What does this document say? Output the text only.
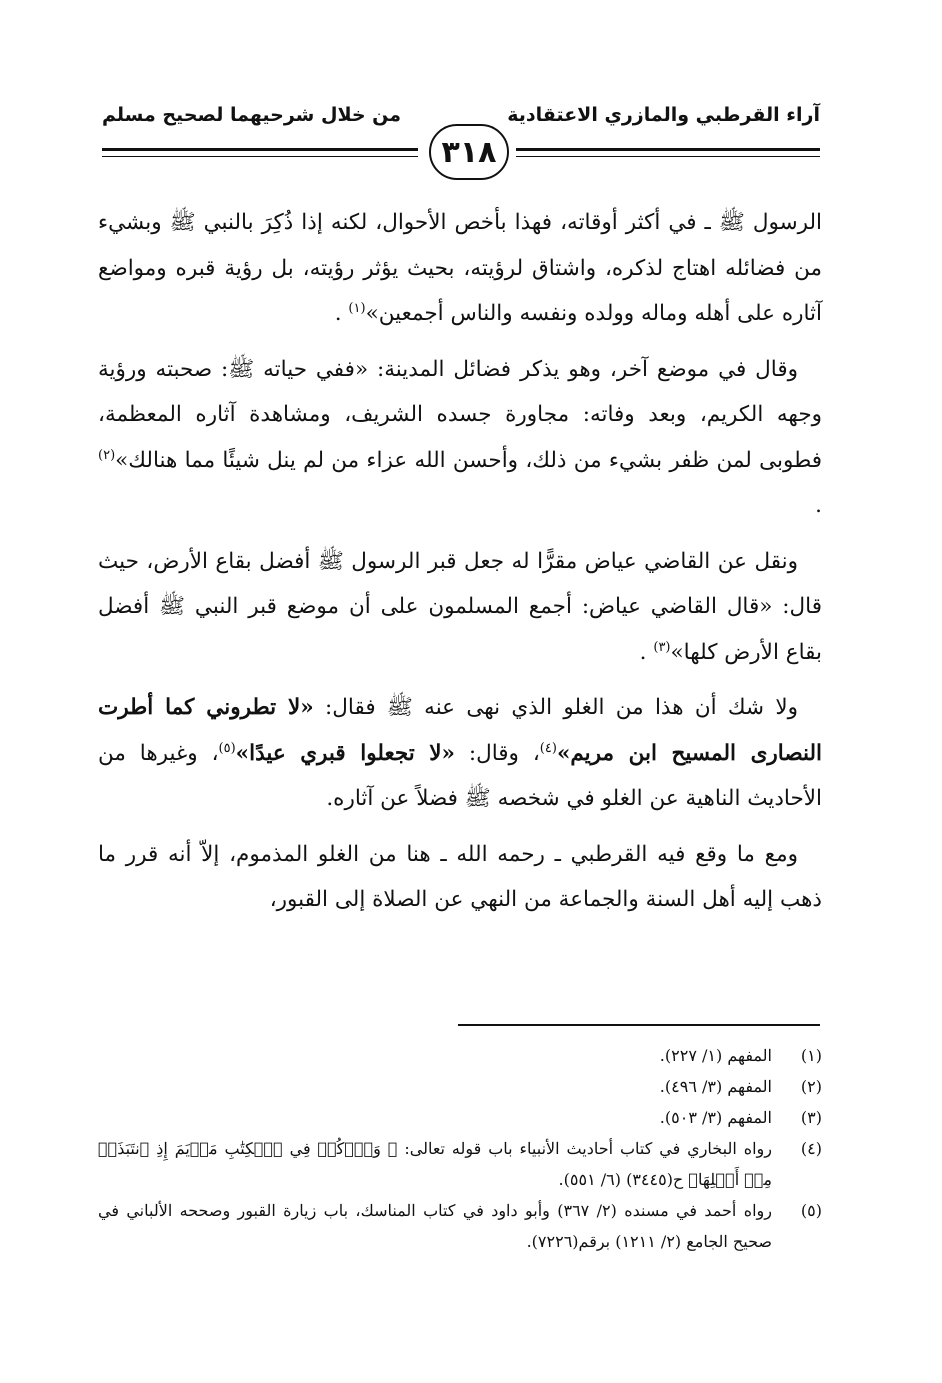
آراء القرطبي والمازري الاعتقادية
من خلال شرحيهما لصحيح مسلم
٣١٨

الرسول ﷺ ـ في أكثر أوقاته، فهذا بأخص الأحوال، لكنه إذا ذُكِرَ بالنبي ﷺ وبشيء من فضائله اهتاج لذكره، واشتاق لرؤيته، بحيث يؤثر رؤيته، بل رؤية قبره ومواضع آثاره على أهله وماله وولده ونفسه والناس أجمعين»$^{(١)}$ .

وقال في موضع آخر، وهو يذكر فضائل المدينة: «ففي حياته ﷺ: صحبته ورؤية وجهه الكريم، وبعد وفاته: مجاورة جسده الشريف، ومشاهدة آثاره المعظمة، فطوبى لمن ظفر بشيء من ذلك، وأحسن الله عزاء من لم ينل شيئًا مما هنالك»$^{(٢)}$ .

ونقل عن القاضي عياض مقرًّا له جعل قبر الرسول ﷺ أفضل بقاع الأرض، حيث قال: «قال القاضي عياض: أجمع المسلمون على أن موضع قبر النبي ﷺ أفضل بقاع الأرض كلها»$^{(٣)}$ .

ولا شك أن هذا من الغلو الذي نهى عنه ﷺ فقال: «لا تطروني كما أطرت النصارى المسيح ابن مريم»$^{(٤)}$، وقال: «لا تجعلوا قبري عيدًا»$^{(٥)}$، وغيرها من الأحاديث الناهية عن الغلو في شخصه ﷺ فضلاً عن آثاره.

ومع ما وقع فيه القرطبي ـ رحمه الله ـ هنا من الغلو المذموم، إلاّ أنه قرر ما ذهب إليه أهل السنة والجماعة من النهي عن الصلاة إلى القبور،

(١)
المفهم (١/ ٢٢٧).
(٢)
المفهم (٣/ ٤٩٦).
(٣)
المفهم (٣/ ٥٠٣).
(٤)
رواه البخاري في كتاب أحاديث الأنبياء باب قوله تعالى: ﴿ وَٱذۡكُرۡ فِي ٱلۡكِتَٰبِ مَرۡيَمَ إِذِ ٱنتَبَذَتۡ مِنۡ أَهۡلِهَا﴾ ح(٣٤٤٥) (٦/ ٥٥١).
(٥)
رواه أحمد في مسنده (٢/ ٣٦٧) وأبو داود في كتاب المناسك، باب زيارة القبور وصححه الألباني في صحيح الجامع (٢/ ١٢١١) برقم(٧٢٢٦).
